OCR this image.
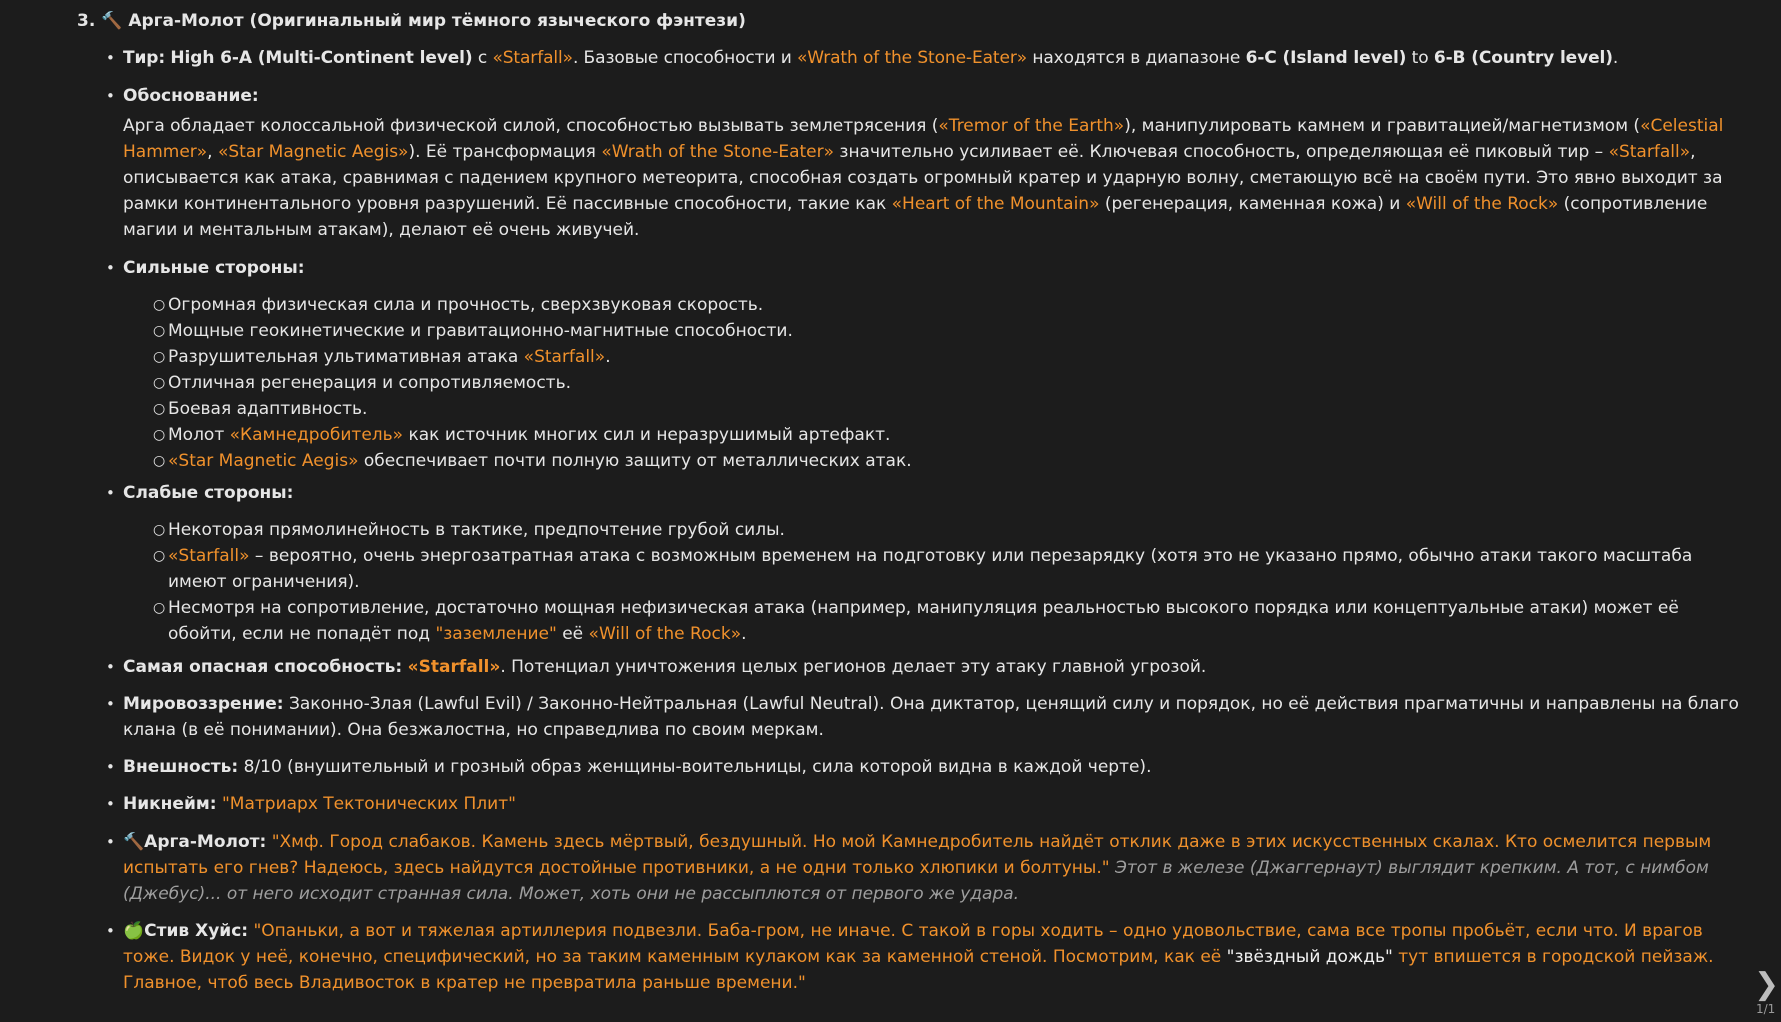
3. 🔨 Арга-Молот (Оригинальный мир тёмного языческого фэнтези)
• Тир: High 6-A (Multi-Continent level) с «Starfall». Базовые способности и «Wrath of the Stone-Eater» находятся в диапазоне 6-C (Island level) to 6-B (Country level).
• Обоснование:
Арга обладает колоссальной физической силой, способностью вызывать землетрясения («Tremor of the Earth»), манипулировать камнем и гравитацией/магнетизмом («Celestial Hammer», «Star Magnetic Aegis»). Её трансформация «Wrath of the Stone-Eater» значительно усиливает её. Ключевая способность, определяющая её пиковый тир – «Starfall», описывается как атака, сравнимая с падением крупного метеорита, способная создать огромный кратер и ударную волну, сметающую всё на своём пути. Это явно выходит за рамки континентального уровня разрушений. Её пассивные способности, такие как «Heart of the Mountain» (регенерация, каменная кожа) и «Will of the Rock» (сопротивление магии и ментальным атакам), делают её очень живучей.
• Сильные стороны:
○ Огромная физическая сила и прочность, сверхзвуковая скорость.
○ Мощные геокинетические и гравитационно-магнитные способности.
○ Разрушительная ультимативная атака «Starfall».
○ Отличная регенерация и сопротивляемость.
○ Боевая адаптивность.
○ Молот «Камнедробитель» как источник многих сил и неразрушимый артефакт.
○ «Star Magnetic Aegis» обеспечивает почти полную защиту от металлических атак.
• Слабые стороны:
○ Некоторая прямолинейность в тактике, предпочтение грубой силы.
○ «Starfall» – вероятно, очень энергозатратная атака с возможным временем на подготовку или перезарядку (хотя это не указано прямо, обычно атаки такого масштаба имеют ограничения).
○ Несмотря на сопротивление, достаточно мощная нефизическая атака (например, манипуляция реальностью высокого порядка или концептуальные атаки) может её обойти, если не попадёт под "заземление" её «Will of the Rock».
• Самая опасная способность: «Starfall». Потенциал уничтожения целых регионов делает эту атаку главной угрозой.
• Мировоззрение: Законно-Злая (Lawful Evil) / Законно-Нейтральная (Lawful Neutral). Она диктатор, ценящий силу и порядок, но её действия прагматичны и направлены на благо клана (в её понимании). Она безжалостна, но справедлива по своим меркам.
• Внешность: 8/10 (внушительный и грозный образ женщины-воительницы, сила которой видна в каждой черте).
• Никнейм: "Матриарх Тектонических Плит"
• 🔨Арга-Молот: "Хмф. Город слабаков. Камень здесь мёртвый, бездушный. Но мой Камнедробитель найдёт отклик даже в этих искусственных скалах. Кто осмелится первым испытать его гнев? Надеюсь, здесь найдутся достойные противники, а не одни только хлюпики и болтуны." Этот в железе (Джаггернаут) выглядит крепким. А тот, с нимбом (Джебус)... от него исходит странная сила. Может, хоть они не рассыплются от первого же удара.
• 🍏Стив Хуйс: "Опаньки, а вот и тяжелая артиллерия подвезли. Баба-гром, не иначе. С такой в горы ходить – одно удовольствие, сама все тропы пробьёт, если что. И врагов тоже. Видок у неё, конечно, специфический, но за таким каменным кулаком как за каменной стеной. Посмотрим, как её "звёздный дождь" тут впишется в городской пейзаж. Главное, чтоб весь Владивосток в кратер не превратила раньше времени."	❯
1/1
